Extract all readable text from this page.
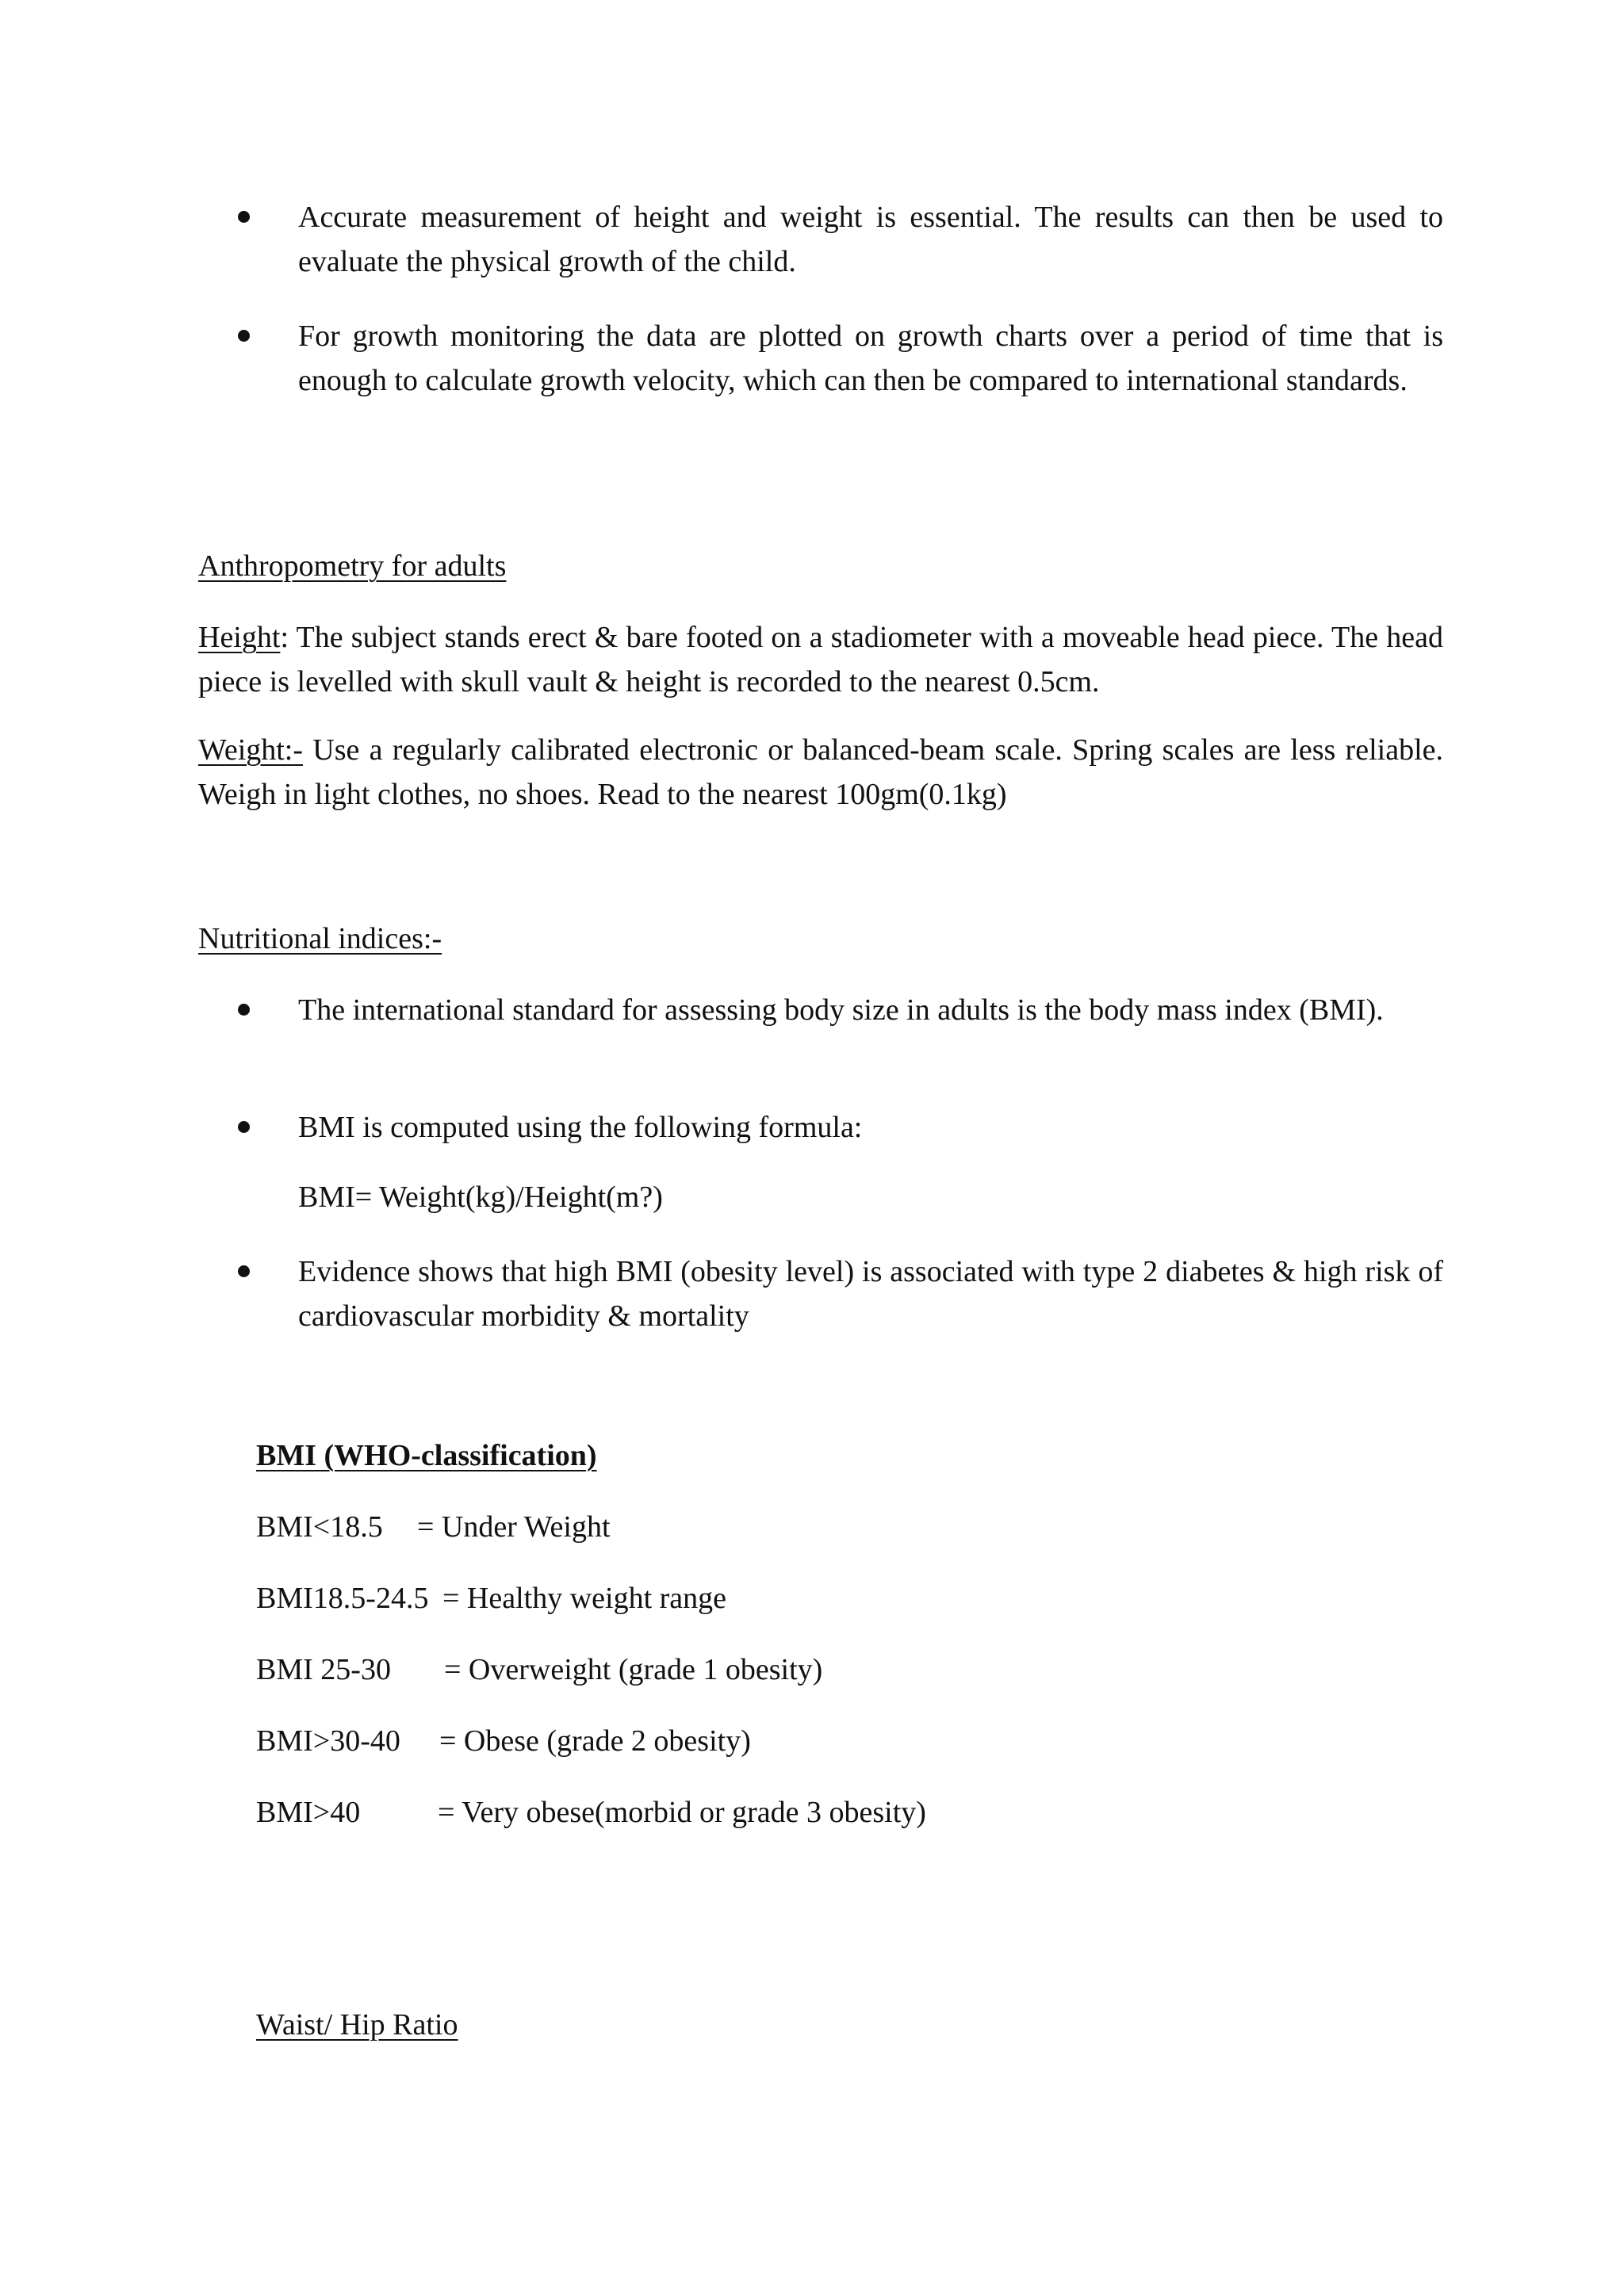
Accurate measurement of height and weight is essential. The results can then be used to evaluate the physical growth of the child.
For growth monitoring the data are plotted on growth charts over a period of time that is enough to calculate growth velocity, which can then be compared to international standards.
Anthropometry for adults
Height: The subject stands erect & bare footed on a stadiometer with a moveable head piece. The head piece is levelled with skull vault & height is recorded to the nearest 0.5cm.
Weight:- Use a regularly calibrated electronic or balanced-beam scale. Spring scales are less reliable. Weigh in light clothes, no shoes. Read to the nearest 100gm(0.1kg)
Nutritional indices:-
The international standard for assessing body size in adults is the body mass index (BMI).
BMI is computed using the following formula:
BMI= Weight(kg)/Height(m?)
Evidence shows that high BMI (obesity level) is associated with type 2 diabetes & high risk of cardiovascular morbidity & mortality
BMI (WHO-classification)
BMI<18.5 = Under Weight
BMI18.5-24.5 = Healthy weight range
BMI 25-30 = Overweight (grade 1 obesity)
BMI>30-40 = Obese (grade 2 obesity)
BMI>40	= Very obese(morbid or grade 3 obesity)
Waist/ Hip Ratio
